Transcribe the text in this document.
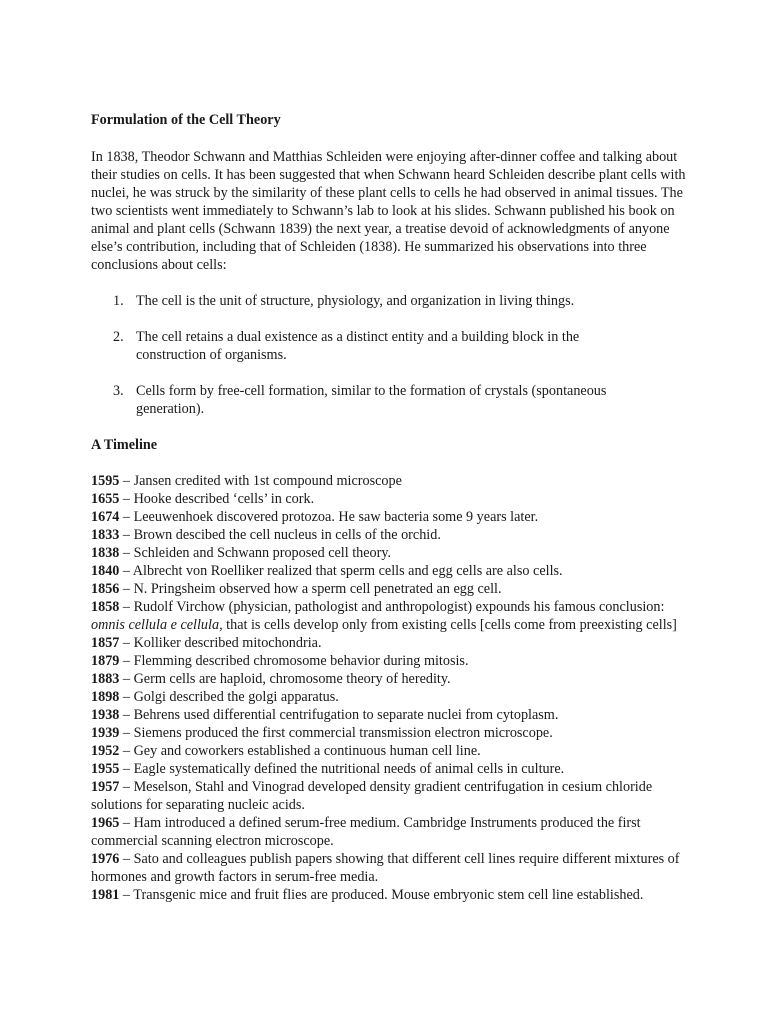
Formulation of the Cell Theory

In 1838, Theodor Schwann and Matthias Schleiden were enjoying after-dinner coffee and talking about their studies on cells. It has been suggested that when Schwann heard Schleiden describe plant cells with nuclei, he was struck by the similarity of these plant cells to cells he had observed in animal tissues. The two scientists went immediately to Schwann’s lab to look at his slides. Schwann published his book on animal and plant cells (Schwann 1839) the next year, a treatise devoid of acknowledgments of anyone else’s contribution, including that of Schleiden (1838). He summarized his observations into three conclusions about cells:

1. The cell is the unit of structure, physiology, and organization in living things.
2. The cell retains a dual existence as a distinct entity and a building block in the construction of organisms.
3. Cells form by free-cell formation, similar to the formation of crystals (spontaneous generation).

A Timeline

1595 – Jansen credited with 1st compound microscope

1655 – Hooke described ‘cells’ in cork.

1674 – Leeuwenhoek discovered protozoa. He saw bacteria some 9 years later.

1833 – Brown descibed the cell nucleus in cells of the orchid.

1838 – Schleiden and Schwann proposed cell theory.

1840 – Albrecht von Roelliker realized that sperm cells and egg cells are also cells.

1856 – N. Pringsheim observed how a sperm cell penetrated an egg cell.

1858 – Rudolf Virchow (physician, pathologist and anthropologist) expounds his famous conclusion: omnis cellula e cellula, that is cells develop only from existing cells [cells come from preexisting cells]

1857 – Kolliker described mitochondria.

1879 – Flemming described chromosome behavior during mitosis.

1883 – Germ cells are haploid, chromosome theory of heredity.

1898 – Golgi described the golgi apparatus.

1938 – Behrens used differential centrifugation to separate nuclei from cytoplasm.

1939 – Siemens produced the first commercial transmission electron microscope.

1952 – Gey and coworkers established a continuous human cell line.

1955 – Eagle systematically defined the nutritional needs of animal cells in culture.

1957 – Meselson, Stahl and Vinograd developed density gradient centrifugation in cesium chloride solutions for separating nucleic acids.

1965 – Ham introduced a defined serum-free medium. Cambridge Instruments produced the first commercial scanning electron microscope.

1976 – Sato and colleagues publish papers showing that different cell lines require different mixtures of hormones and growth factors in serum-free media.

1981 – Transgenic mice and fruit flies are produced. Mouse embryonic stem cell line established.
